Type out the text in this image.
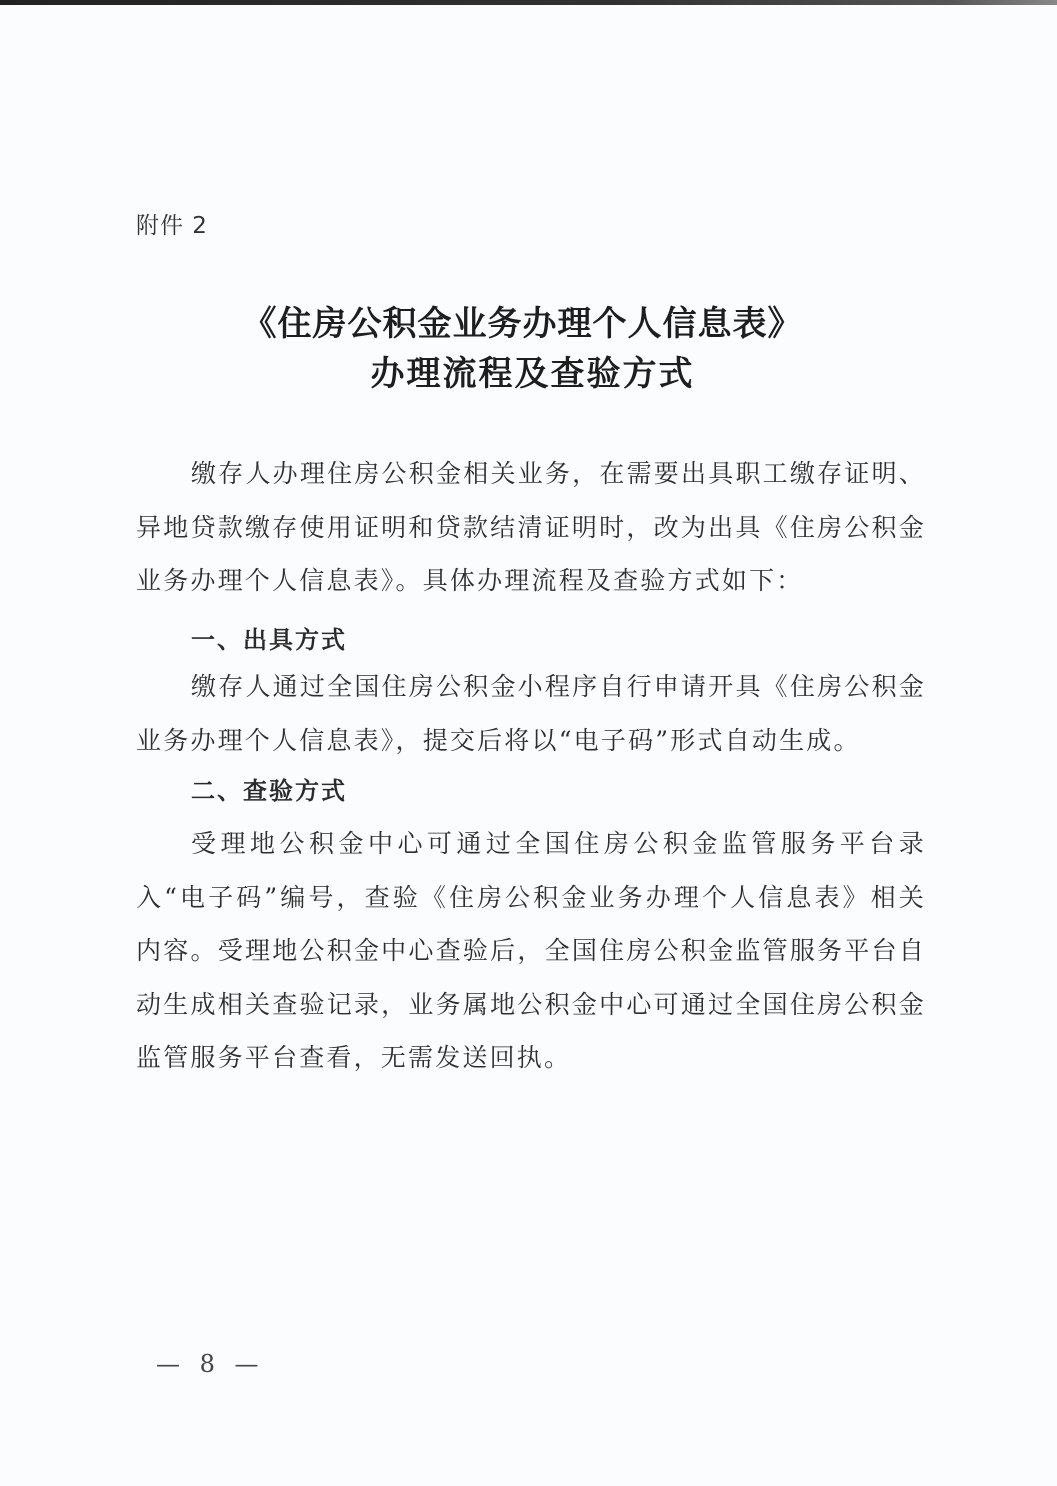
附件 2
《住房公积金业务办理个人信息表》
办理流程及查验方式
缴存人办理住房公积金相关业务，在需要出具职工缴存证明、异地贷款缴存使用证明和贷款结清证明时，改为出具《住房公积金业务办理个人信息表》。具体办理流程及查验方式如下：
一、出具方式
缴存人通过全国住房公积金小程序自行申请开具《住房公积金业务办理个人信息表》，提交后将以“电子码”形式自动生成。
二、查验方式
受理地公积金中心可通过全国住房公积金监管服务平台录入“电子码”编号，查验《住房公积金业务办理个人信息表》相关内容。受理地公积金中心查验后，全国住房公积金监管服务平台自动生成相关查验记录，业务属地公积金中心可通过全国住房公积金监管服务平台查看，无需发送回执。
— 8 —
